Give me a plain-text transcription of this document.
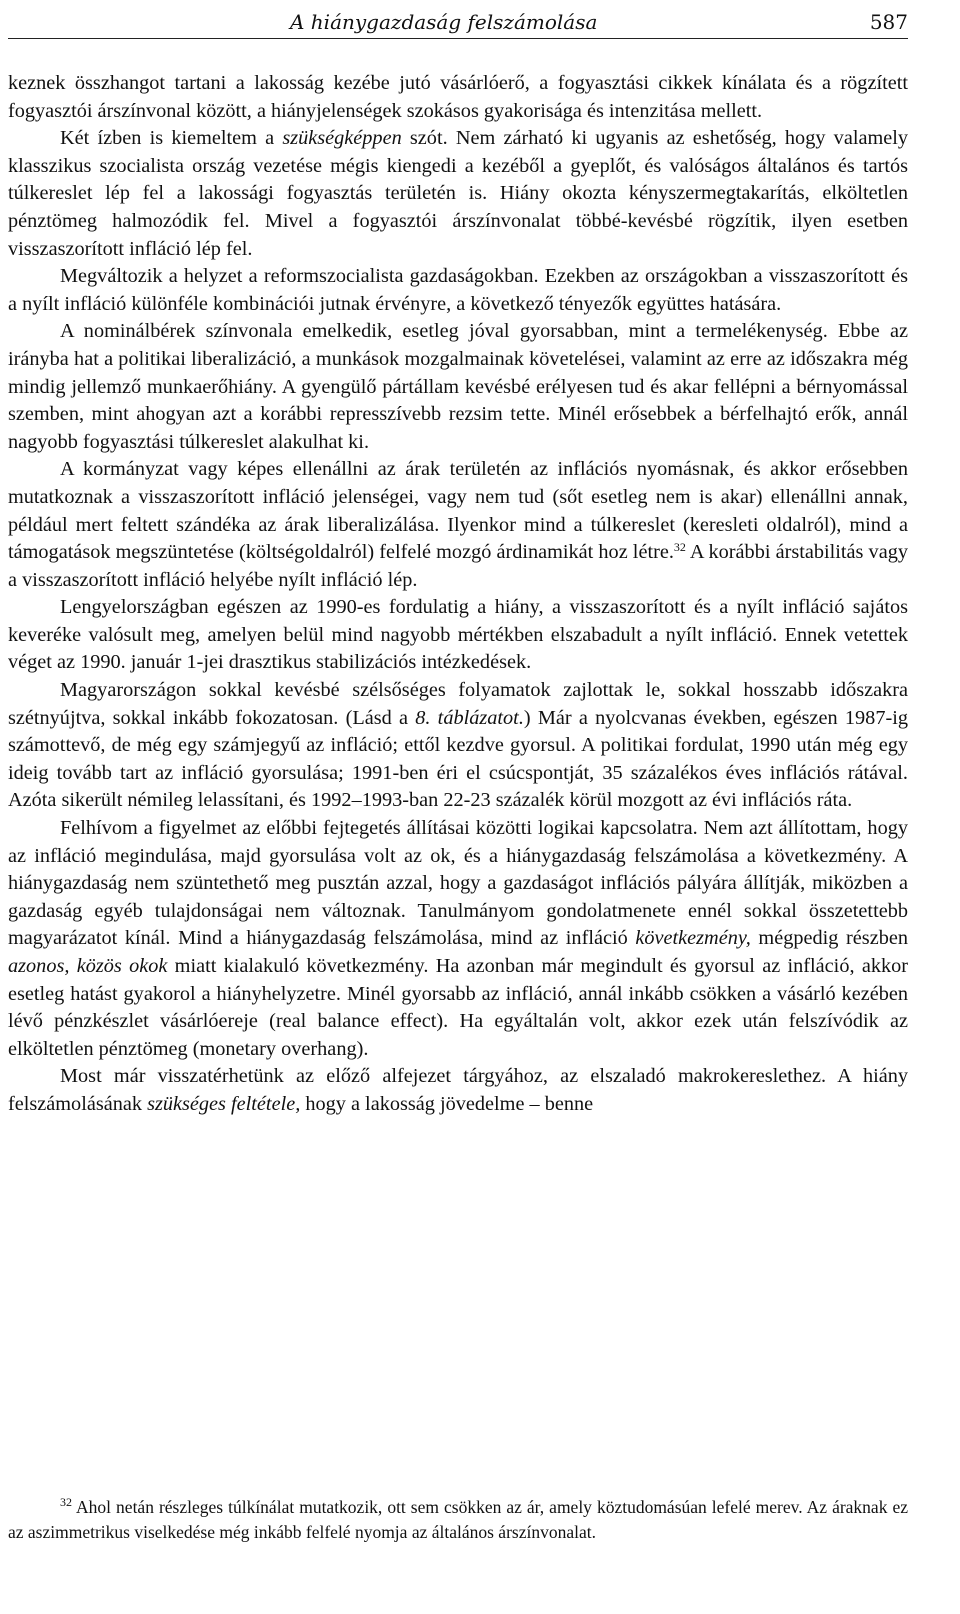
A hiánygazdaság felszámolása	587

keznek összhangot tartani a lakosság kezébe jutó vásárlóerő, a fogyasztási cikkek kínálata és a rögzített fogyasztói árszínvonal között, a hiányjelenségek szokásos gyakorisága és intenzitása mellett.

Két ízben is kiemeltem a szükségképpen szót. Nem zárható ki ugyanis az eshetőség, hogy valamely klasszikus szocialista ország vezetése mégis kiengedi a kezéből a gyeplőt, és valóságos általános és tartós túlkereslet lép fel a lakossági fogyasztás területén is. Hiány okozta kényszermegtakarítás, elköltetlen pénztömeg halmozódik fel. Mivel a fogyasztói árszínvonalat többé-kevésbé rögzítik, ilyen esetben visszaszorított infláció lép fel.

Megváltozik a helyzet a reformszocialista gazdaságokban. Ezekben az országokban a visszaszorított és a nyílt infláció különféle kombinációi jutnak érvényre, a következő tényezők együttes hatására.

A nominálbérek színvonala emelkedik, esetleg jóval gyorsabban, mint a termelékenység. Ebbe az irányba hat a politikai liberalizáció, a munkások mozgalmainak követelései, valamint az erre az időszakra még mindig jellemző munkaerőhiány. A gyengülő pártállam kevésbé erélyesen tud és akar fellépni a bérnyomással szemben, mint ahogyan azt a korábbi represszívebb rezsim tette. Minél erősebbek a bérfelhajtó erők, annál nagyobb fogyasztási túlkereslet alakulhat ki.

A kormányzat vagy képes ellenállni az árak területén az inflációs nyomásnak, és akkor erősebben mutatkoznak a visszaszorított infláció jelenségei, vagy nem tud (sőt esetleg nem is akar) ellenállni annak, például mert feltett szándéka az árak liberalizálása. Ilyenkor mind a túlkereslet (keresleti oldalról), mind a támogatások megszüntetése (költségoldalról) felfelé mozgó árdinamikát hoz létre.$^{32}$ A korábbi árstabilitás vagy a visszaszorított infláció helyébe nyílt infláció lép.

Lengyelországban egészen az 1990-es fordulatig a hiány, a visszaszorított és a nyílt infláció sajátos keveréke valósult meg, amelyen belül mind nagyobb mértékben elszabadult a nyílt infláció. Ennek vetettek véget az 1990. január 1-jei drasztikus stabilizációs intézkedések.

Magyarországon sokkal kevésbé szélsőséges folyamatok zajlottak le, sokkal hosszabb időszakra szétnyújtva, sokkal inkább fokozatosan. (Lásd a 8. táblázatot.) Már a nyolcvanas években, egészen 1987-ig számottevő, de még egy számjegyű az infláció; ettől kezdve gyorsul. A politikai fordulat, 1990 után még egy ideig tovább tart az infláció gyorsulása; 1991-ben éri el csúcspontját, 35 százalékos éves inflációs rátával. Azóta sikerült némileg lelassítani, és 1992–1993-ban 22-23 százalék körül mozgott az évi inflációs ráta.

Felhívom a figyelmet az előbbi fejtegetés állításai közötti logikai kapcsolatra. Nem azt állítottam, hogy az infláció megindulása, majd gyorsulása volt az ok, és a hiánygazdaság felszámolása a következmény. A hiánygazdaság nem szüntethető meg pusztán azzal, hogy a gazdaságot inflációs pályára állítják, miközben a gazdaság egyéb tulajdonságai nem változnak. Tanulmányom gondolatmenete ennél sokkal összetettebb magyarázatot kínál. Mind a hiánygazdaság felszámolása, mind az infláció következmény, mégpedig részben azonos, közös okok miatt kialakuló következmény. Ha azonban már megindult és gyorsul az infláció, akkor esetleg hatást gyakorol a hiányhelyzetre. Minél gyorsabb az infláció, annál inkább csökken a vásárló kezében lévő pénzkészlet vásárlóereje (real balance effect). Ha egyáltalán volt, akkor ezek után felszívódik az elköltetlen pénztömeg (monetary overhang).

Most már visszatérhetünk az előző alfejezet tárgyához, az elszaladó makrokereslethez. A hiány felszámolásának szükséges feltétele, hogy a lakosság jövedelme – benne

$^{32}$ Ahol netán részleges túlkínálat mutatkozik, ott sem csökken az ár, amely köztudomásúan lefelé merev. Az áraknak ez az aszimmetrikus viselkedése még inkább felfelé nyomja az általános árszínvonalat.
